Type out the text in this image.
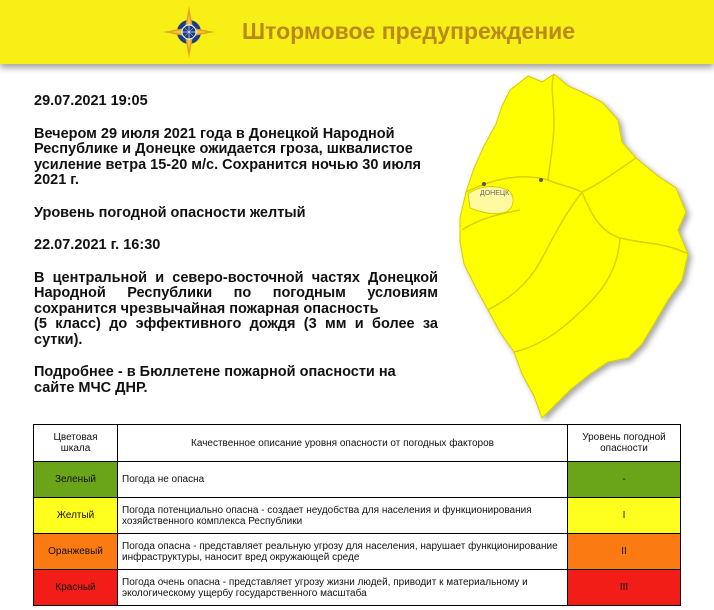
Штормовое предупреждение

29.07.2021 19:05

Вечером 29 июля 2021 года в Донецкой Народной Республике и Донецке ожидается гроза, шквалистое усиление ветра 15-20 м/с. Сохранится ночью 30 июля 2021 г.

Уровень погодной опасности желтый

22.07.2021 г. 16:30

В центральной и северо-восточной частях Донецкой Народной Республики по погодным условиям сохранится чрезвычайная пожарная опасность

(5 класс) до эффективного дождя (3 мм и более за сутки).

Подробнее - в Бюллетене пожарной опасности на сайте МЧС ДНР.

ДОНЕЦК
Цветовая шкала	Качественное описание уровня опасности от погодных факторов	Уровень погодной опасности
Зеленый	Погода не опасна	-
Желтый	Погода потенциально опасна - создает неудобства для населения и функционирования хозяйственного комплекса Республики	I
Оранжевый	Погода опасна - представляет реальную угрозу для населения, нарушает функционирование инфраструктуры, наносит вред окружающей среде	II
Красный	Погода очень опасна - представляет угрозу жизни людей, приводит к материальному и экологическому ущербу государственного масштаба	III
